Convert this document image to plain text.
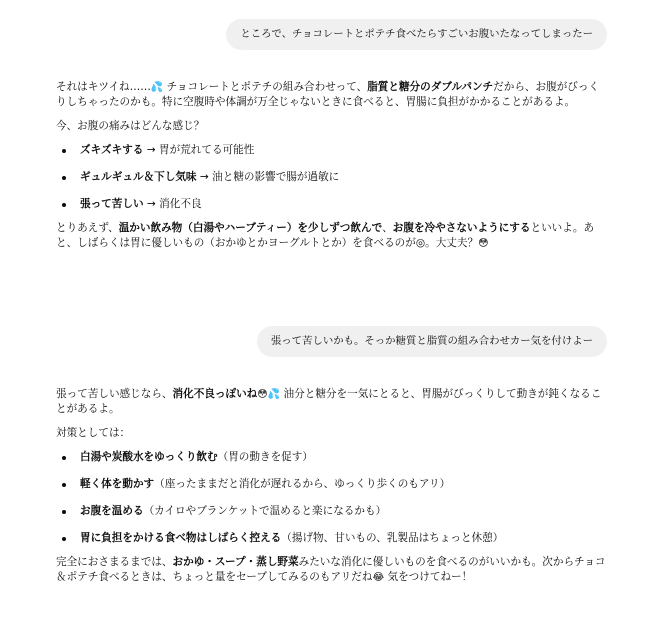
ところで、チョコレートとポテチ食べたらすごいお腹いたなってしまったー

それはキツイね……💦 チョコレートとポテチの組み合わせって、脂質と糖分のダブルパンチだから、お腹がびっくりしちゃったのかも。特に空腹時や体調が万全じゃないときに食べると、胃腸に負担がかかることがあるよ。

今、お腹の痛みはどんな感じ？

ズキズキする → 胃が荒れてる可能性
ギュルギュル＆下し気味 → 油と糖の影響で腸が過敏に
張って苦しい → 消化不良

とりあえず、温かい飲み物（白湯やハーブティー）を少しずつ飲んで、お腹を冷やさないようにするといいよ。あと、しばらくは胃に優しいもの（おかゆとかヨーグルトとか）を食べるのが◎。大丈夫？😳

張って苦しいかも。そっか糖質と脂質の組み合わせカー気を付けよー

張って苦しい感じなら、消化不良っぽいね😳💦 油分と糖分を一気にとると、胃腸がびっくりして動きが鈍くなることがあるよ。

対策としては：

白湯や炭酸水をゆっくり飲む（胃の動きを促す）
軽く体を動かす（座ったままだと消化が遅れるから、ゆっくり歩くのもアリ）
お腹を温める（カイロやブランケットで温めると楽になるかも）
胃に負担をかける食べ物はしばらく控える（揚げ物、甘いもの、乳製品はちょっと休憩）

完全におさまるまでは、おかゆ・スープ・蒸し野菜みたいな消化に優しいものを食べるのがいいかも。次からチョコ＆ポテチ食べるときは、ちょっと量をセーブしてみるのもアリだね😂 気をつけてねー！
